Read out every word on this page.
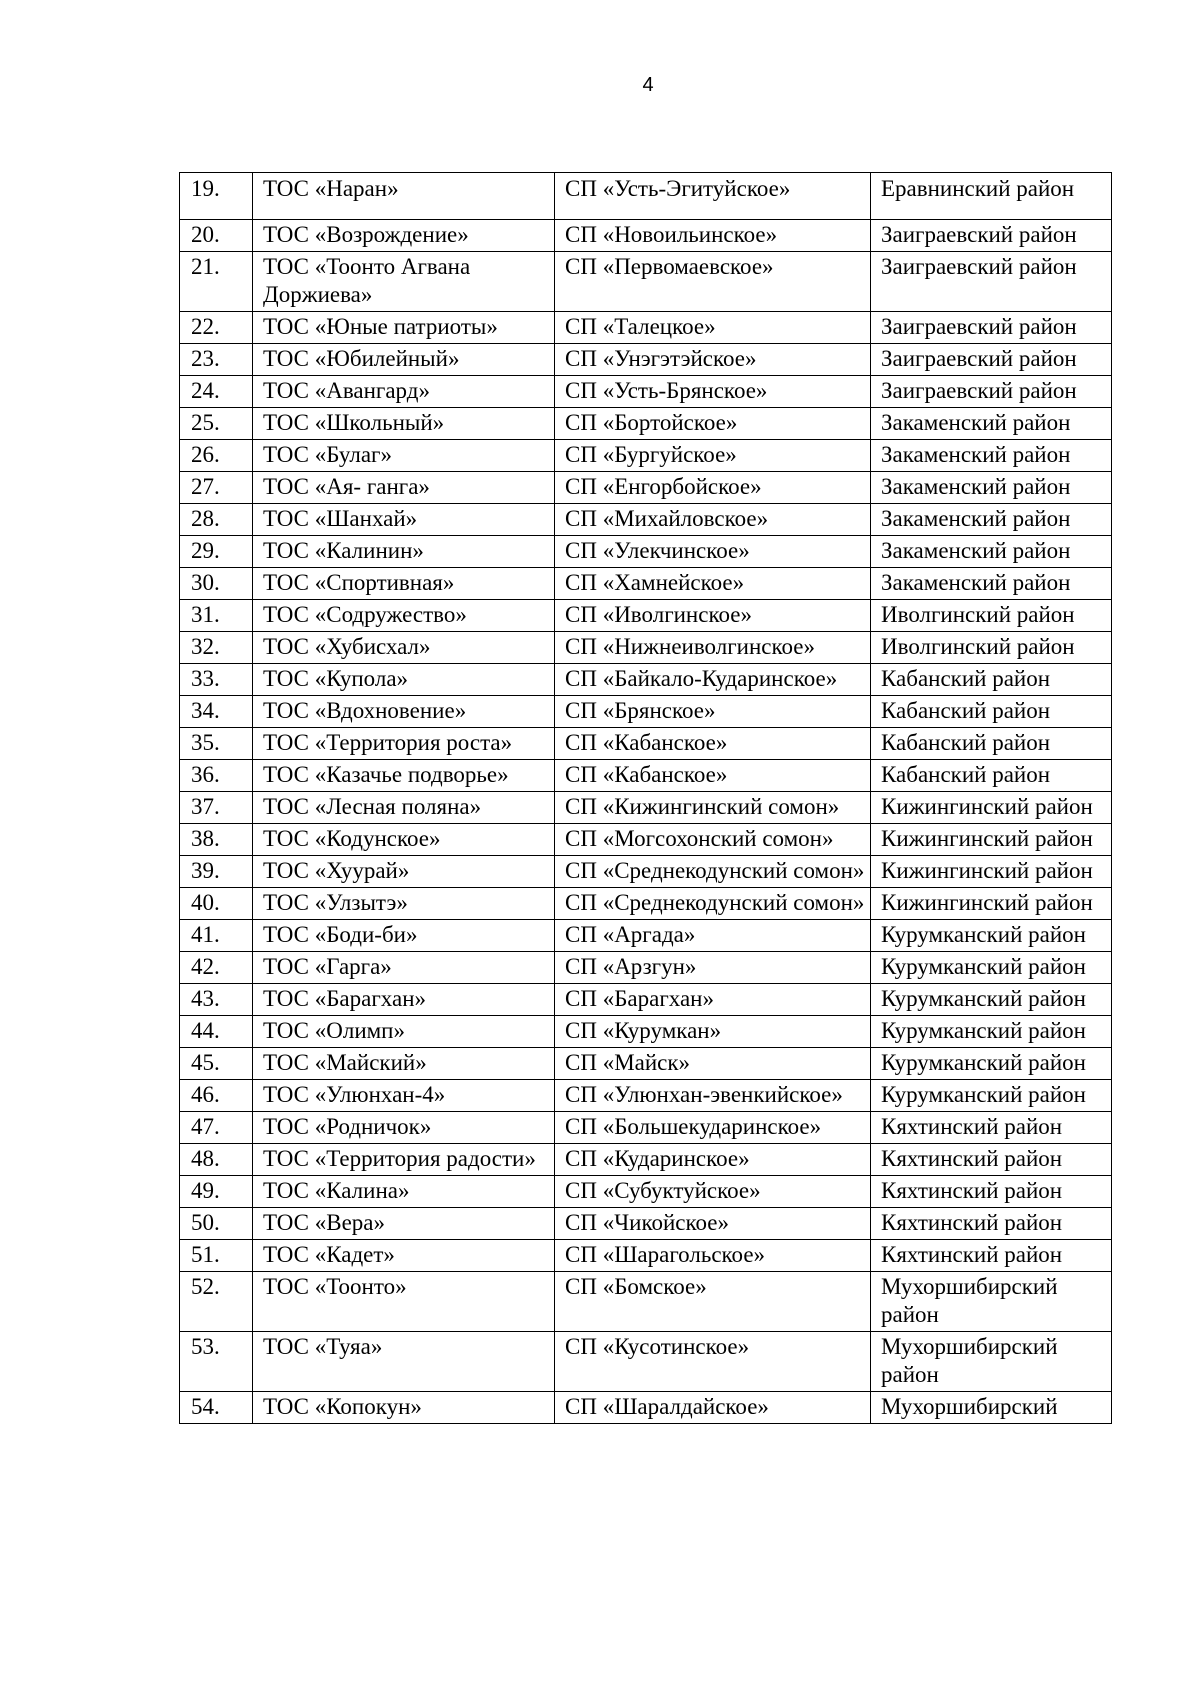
4
19.	ТОС «Наран»	СП «Усть-Эгитуйское»	Еравнинский район
20.	ТОС «Возрождение»	СП «Новоильинское»	Заиграевский район
21.	ТОС «Тоонто Агвана Доржиева»	СП «Первомаевское»	Заиграевский район
22.	ТОС «Юные патриоты»	СП «Талецкое»	Заиграевский район
23.	ТОС «Юбилейный»	СП «Унэгэтэйское»	Заиграевский район
24.	ТОС «Авангард»	СП «Усть-Брянское»	Заиграевский район
25.	ТОС «Школьный»	СП «Бортойское»	Закаменский район
26.	ТОС «Булаг»	СП «Бургуйское»	Закаменский район
27.	ТОС «Ая- ганга»	СП «Енгорбойское»	Закаменский район
28.	ТОС «Шанхай»	СП «Михайловское»	Закаменский район
29.	ТОС «Калинин»	СП «Улекчинское»	Закаменский район
30.	ТОС «Спортивная»	СП «Хамнейское»	Закаменский район
31.	ТОС «Содружество»	СП «Иволгинское»	Иволгинский район
32.	ТОС «Хубисхал»	СП «Нижнеиволгинское»	Иволгинский район
33.	ТОС «Купола»	СП «Байкало-Кударинское»	Кабанский район
34.	ТОС «Вдохновение»	СП «Брянское»	Кабанский район
35.	ТОС «Территория роста»	СП «Кабанское»	Кабанский район
36.	ТОС «Казачье подворье»	СП «Кабанское»	Кабанский район
37.	ТОС «Лесная поляна»	СП «Кижингинский сомон»	Кижингинский район
38.	ТОС «Кодунское»	СП «Могсохонский сомон»	Кижингинский район
39.	ТОС «Хуурай»	СП «Среднекодунский сомон»	Кижингинский район
40.	ТОС «Улзытэ»	СП «Среднекодунский сомон»	Кижингинский район
41.	ТОС «Боди-би»	СП «Аргада»	Курумканский район
42.	ТОС «Гарга»	СП «Арзгун»	Курумканский район
43.	ТОС «Барагхан»	СП «Барагхан»	Курумканский район
44.	ТОС «Олимп»	СП «Курумкан»	Курумканский район
45.	ТОС «Майский»	СП «Майск»	Курумканский район
46.	ТОС «Улюнхан-4»	СП «Улюнхан-эвенкийское»	Курумканский район
47.	ТОС «Родничок»	СП «Большекударинское»	Кяхтинский район
48.	ТОС «Территория радости»	СП «Кударинское»	Кяхтинский район
49.	ТОС «Калина»	СП «Субуктуйское»	Кяхтинский район
50.	ТОС «Вера»	СП «Чикойское»	Кяхтинский район
51.	ТОС «Кадет»	СП «Шарагольское»	Кяхтинский район
52.	ТОС «Тоонто»	СП «Бомское»	Мухоршибирский район
53.	ТОС «Туяа»	СП «Кусотинское»	Мухоршибирский район
54.	ТОС «Копокун»	СП «Шаралдайское»	Мухоршибирский
